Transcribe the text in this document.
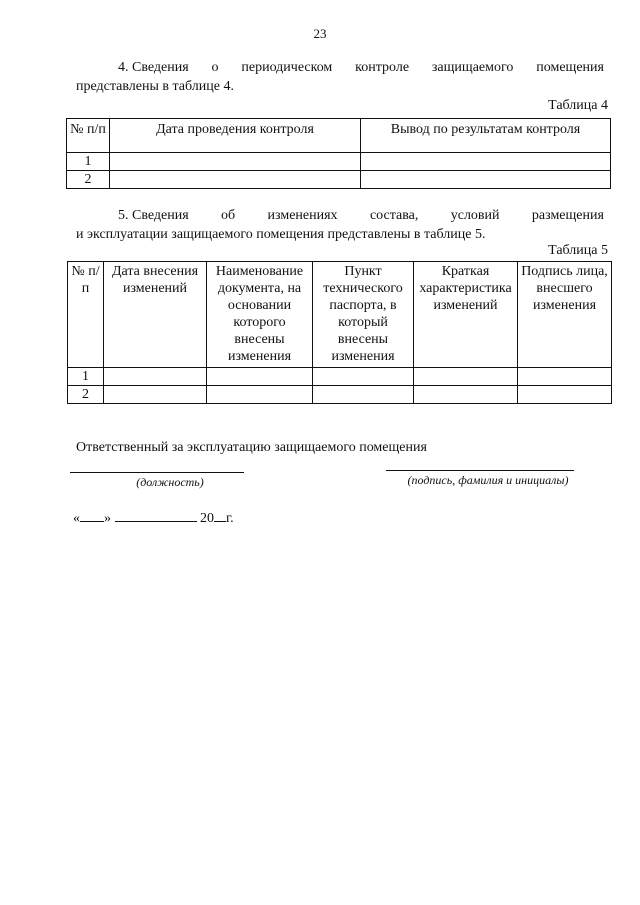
23
4. Сведения о периодическом контроле защищаемого помещения
представлены в таблице 4.
Таблица 4
№ п/п	Дата проведения контроля	Вывод по результатам контроля
1		
2		
5. Сведения об изменениях состава, условий размещения
и эксплуатации защищаемого помещения представлены в таблице 5.
Таблица 5
№ п/п	Дата внесения изменений	Наименование документа, на основании которого внесены изменения	Пункт технического паспорта, в который внесены изменения	Краткая характеристика изменений	Подпись лица, внесшего изменения
1					
2					
Ответственный за эксплуатацию защищаемого помещения
(должность)	(подпись, фамилия и инициалы)
« »	20 г.
